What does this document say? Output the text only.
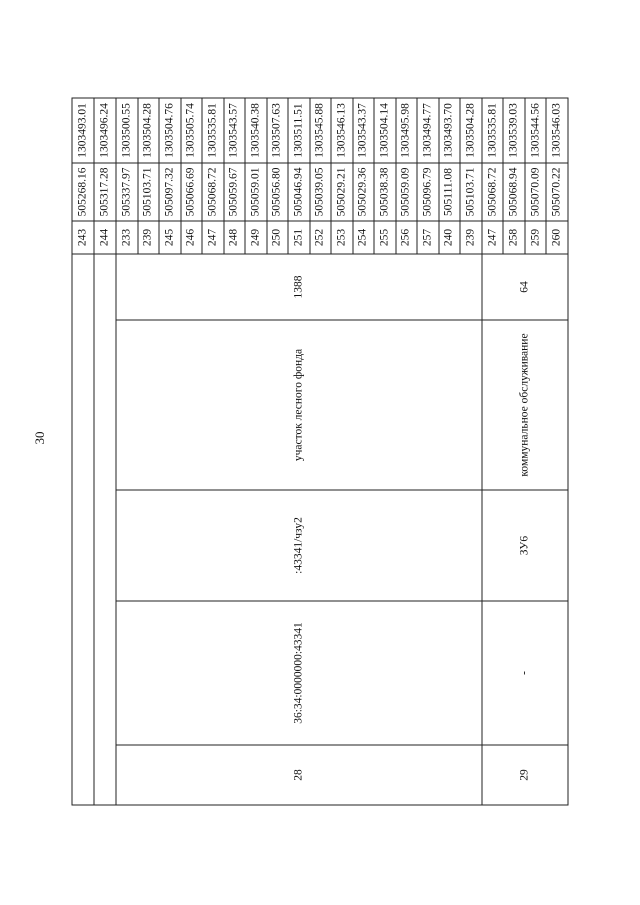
30
					243	505268.16	1303493.01
					244	505317.28	1303496.24
28	36:34:0000000:43341	:43341/чзу2	участок лесного фонда	1388	233	505337.97	1303500.55
					239	505103.71	1303504.28
					245	505097.32	1303504.76
					246	505066.69	1303505.74
					247	505068.72	1303535.81
					248	505059.67	1303543.57
					249	505059.01	1303540.38
					250	505056.80	1303507.63
					251	505046.94	1303511.51
					252	505039.05	1303545.88
					253	505029.21	1303546.13
					254	505029.36	1303543.37
					255	505038.38	1303504.14
					256	505059.09	1303495.98
					257	505096.79	1303494.77
					240	505111.08	1303493.70
					239	505103.71	1303504.28
29	-	ЗУ6	коммунальное обслуживание	64	247	505068.72	1303535.81
					258	505068.94	1303539.03
					259	505070.09	1303544.56
					260	505070.22	1303546.03
